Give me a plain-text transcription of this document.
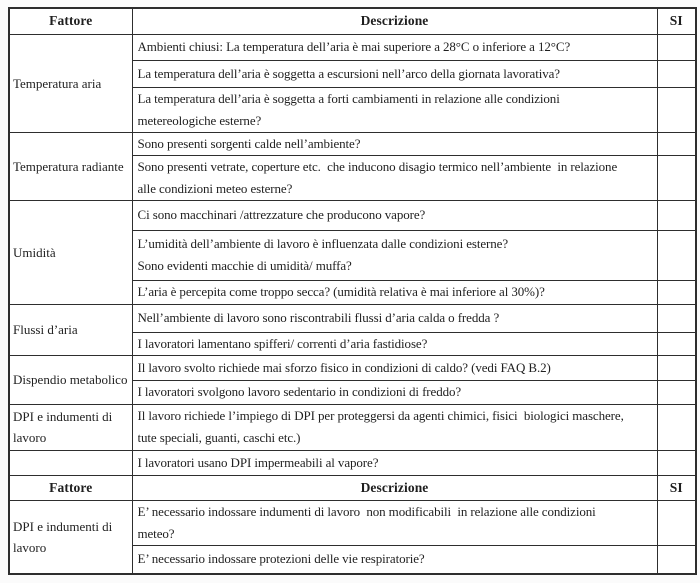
Fattore	Descrizione	SI
Temperatura aria	Ambienti chiusi: La temperatura dell’aria è mai superiore a 28°C o inferiore a 12°C?	

	La temperatura dell’aria è soggetta a escursioni nell’arco della giornata lavorativa?	

	La temperatura dell’aria è soggetta a forti cambiamenti in relazione alle condizioni
metereologiche esterne?	

Temperatura radiante	Sono presenti sorgenti calde nell’ambiente?	

	Sono presenti vetrate, coperture etc.  che inducono disagio termico nell’ambiente  in relazione
alle condizioni meteo esterne?	

Umidità	Ci sono macchinari /attrezzature che producono vapore?	

	L’umidità dell’ambiente di lavoro è influenzata dalle condizioni esterne?
Sono evidenti macchie di umidità/ muffa?	

	L’aria è percepita come troppo secca? (umidità relativa è mai inferiore al 30%)?	

Flussi d’aria	Nell’ambiente di lavoro sono riscontrabili flussi d’aria calda o fredda ?	

	I lavoratori lamentano spifferi/ correnti d’aria fastidiose?	

Dispendio metabolico	Il lavoro svolto richiede mai sforzo fisico in condizioni di caldo? (vedi FAQ B.2)	

	I lavoratori svolgono lavoro sedentario in condizioni di freddo?	

DPI e indumenti di lavoro	Il lavoro richiede l’impiego di DPI per proteggersi da agenti chimici, fisici  biologici maschere,
tute speciali, guanti, caschi etc.)	

	I lavoratori usano DPI impermeabili al vapore?	

Fattore	Descrizione	SI
DPI e indumenti di lavoro	E’ necessario indossare indumenti di lavoro  non modificabili  in relazione alle condizioni
meteo?	

	E’ necessario indossare protezioni delle vie respiratorie?	
